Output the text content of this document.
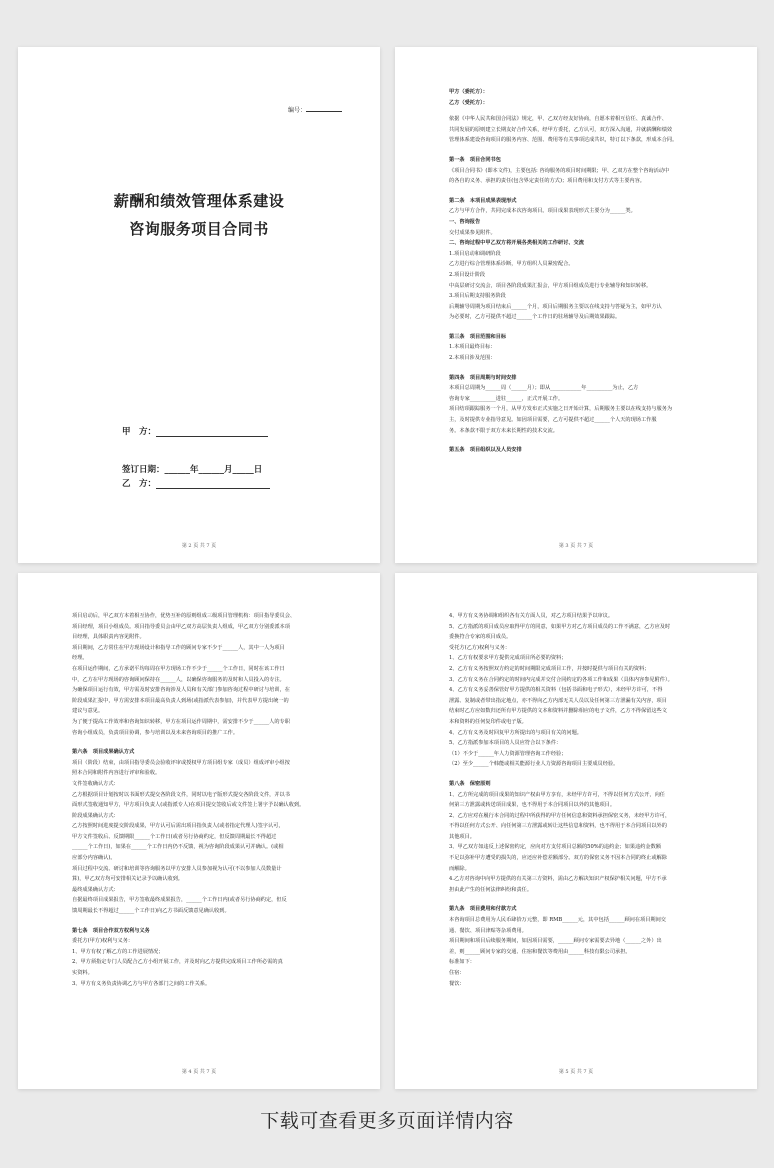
编号：
薪酬和绩效管理体系建设
咨询服务项目合同书
甲　方：
乙　方：
签订日期：______年______月_____日
第 2 页 共 7 页

甲方（委托方）：

乙方（受托方）：

依据《中华人民共和国合同法》规定，甲、乙双方经友好协商，自愿本着相互信任、真诚合作、

共同发展的原则建立长期友好合作关系，经甲方委托，乙方认可，双方深入沟通，并就薪酬和绩效

管理体系建设咨询项目的服务内容、范围、费用等有关事项达成共识，特订以下条款，形成本合同。

第一条　项目合同书包

《项目合同书》(即本文件)，主要包括: 咨询服务的项目时间期限；甲、乙双方在整个咨询活动中

的各自的义务、承担的责任(包含界定责任的方式)；项目费用和支付方式等主要内容。

第二条　本项目成果表现形式

乙方与甲方合作，共同完成本次咨询项目。项目成果表现形式主要分为______类。

一、咨询报告

交付成果参见附件。

二、咨询过程中甲乙双方将开展各类相关的工作研讨、交流

1.项目启动和调研阶段

乙方进行综合管理体系诊断，甲方组织人员紧密配合。

2.项目设计阶段

中高层研讨交流会，项目各阶段成果汇报会，甲方项目组成员进行专业辅导和知识转移。

3.项目后期支持服务阶段

后期辅导周期为项目结束后______个月，项目后期服务主要以在线支持与答疑为主，如甲方认

为必要时，乙方可提供不超过______个工作日的驻场辅导及后期效果跟踪。

第三条　项目范围和目标

1.本项目最终目标：

2.本项目涉及范围：

第四条　项目周期与时间安排

本项目总周期为______周（______月）；即从____________年__________为止，乙方

咨询专家__________进驻______，正式开展工作。

项目结项跟踪服务一个月，从甲方发布正式实施之日开始计算，后期服务主要以在线支持与服务为

主，及时提供专业指导意见。如因项目需要，乙方可提供不超过______个人天的现场工作服

务。本条款不限于双方未来长期性的技术交流。

第五条　项目组织以及人员安排

第 3 页 共 7 页

项目启动后，甲乙双方本着相互协作，优势互补的原则组成三级项目管理机构：项目指导委员会、

项目经理，项目小组成员。项目指导委员会由甲乙双方高层负责人组成，甲乙双方分别委派本项

目经理，具体职责内容见附件。

项目期间，乙方常住在甲方现场设计和指导工作的顾问专家不少于______人，其中一人为项目

经理。

在项目运作期间，乙方承诺平均每周在甲方现场工作不少于______个工作日，同时在该工作日

中，乙方在甲方现场的咨询顾问保持在______人，以确保咨询服务的及时和人员投入的专注。

为确保项目运行有效，甲方需及时安排咨询涉及人员和有关部门参加咨询过程中研讨与培训，在

阶段成果汇报中，甲方需安排本项目最高负责人到场(或指派代表参加)，并代表甲方提出统一的

建议与意见。

为了便于提高工作效率和咨询知识转移，甲方在项目运作周期中，需安排不少于______人的专职

咨询小组成员，负责项目协调，参与培训以及未来咨询项目的推广工作。

第六条　项目成果确认方式

项目（阶段）结束，由项目指导委员会验收评审或授权甲方项目组专家（成员）组成评审小组按

照本合同和附件内容进行评审和验收。

文件签收确认方式：

乙方根据项目计划按时以书面形式提交各阶段文件，同时以电子版形式提交各阶段文件，并以书

面形式签收通知甲方，甲方项目负责人(或指派专人)在项目提交签收后或文件签上署字予以确认收到。

阶段成果确认方式：

乙方按照时间进度提交阶段成果，甲方认可后需出项目指负责人(或者指定代理人)签字认可，

甲方文件签收后、反馈期限______个工作日(或者另行协商约定，但反馈周期最长不得超过

______个工作日)，如果在______个工作日内仍不反馈，视为咨询阶段成果认可并确认。(或相

应部分内容确认)。

项目过程中交流、研讨和培训等咨询服务以甲方安排人员参加视为认可(不以参加人员数量计

算)，甲乙双方均可安排相关记录予以确认收到。

最终成果确认方式：

自据最终项目成果报告，甲方签收最终成果报告，______个工作日内(或者另行协商约定，但反

馈周期最长不得超过______个工作日)向乙方书面反馈意见确认收到。

第七条　项目合作双方权利与义务

委托方(甲方)权利与义务：

1、甲方有权了解乙方的工作进展情况；

2、甲方须指定专门人员配合乙方小组开展工作，并及时向乙方提供完成项目工作所必需的真

实资料。

3、甲方有义务负责协调乙方与甲方各部门之间的工作关系。

第 4 页 共 7 页

4、甲方有义务协调和组织各有关方面人员，对乙方项目结果予以审议。

5、乙方指派的项目成员应取得甲方的同意，如果甲方对乙方项目成员的工作不满意，乙方应及时

委换符合专家的项目成员。

受托方(乙方)权利与义务：

1、乙方有权要求甲方提供完成项目所必要的资料；

2、乙方有义务按照双方约定的时间期限完成项目工作，并按时提供与项目有关的资料；

3、乙方有义务在合同约定的时间内完成并交付合同约定的各项工作和成果（具体内容参见附件）。

4、乙方有义务妥善保管好甲方提供的相关资料（包括书面和电子形式），未经甲方许可，不得

泄露、复制或者带出指定地点，亦不得向乙方内部无关人员以及任何第三方泄漏有关内容，项目

结束时乙方应如数归还所有甲方提供的文本和资料并删除相应的电子文件，乙方不得保留这些文

本和资料的任何复印件或电子版。

4、乙方有义务及时回复甲方所提出的与项目有关的问题。

5、乙方指派参加本项目的人员应符合以下条件：

（1）不少于______年人力资源管理咨询工作经验；

（2）至少______个韩能或相关能源行业人力资源咨询项目主要成员经验。

第八条　保密原则

1、乙方所完成的项目成果的知识产权由甲方享有，未经甲方许可，不得以任何方式公开，向任

何第三方泄露或转送项目成果，也不得用于本合同项目以外的其他项目。

2、乙方应对在履行本合同的过程中所获得的甲方任何信息和资料承担保密义务，未经甲方许可，

不得以任何方式公开、向任何第三方泄露或转让这些信息和资料，也不得用于本合同项目以外的

其他项目。

3、甲乙双方如违反上述保密约定，应向对方支付项目总额的50%的违约金；如果违约金数额

不足以弥补甲方遭受的损失的，应还应补偿差额部分。双方的保密义务不因本合同的终止或解除

而解除。

4.乙方对咨询中向甲方提供的有关第三方资料，需由乙方解决知识产权保护相关问题，甲方不承

担由此产生的任何法律纠纷和责任。

第九条　项目费用和付款方式

本咨询项目总费用为人民币肆拾万元整，即 RMB______元，其中包括______顾问在项目期间交

通、餐饮、项目津贴等杂项费用。

项目期间和项目后续服务期间，如因项目需要，______顾问专家需要去异地（______之外）出

差，则______顾问专家的交通、住宿和餐饮等费用由______科技有限公司承担。

标准如下：

住宿：

餐饮：

第 5 页 共 7 页
下载可查看更多页面详情内容
